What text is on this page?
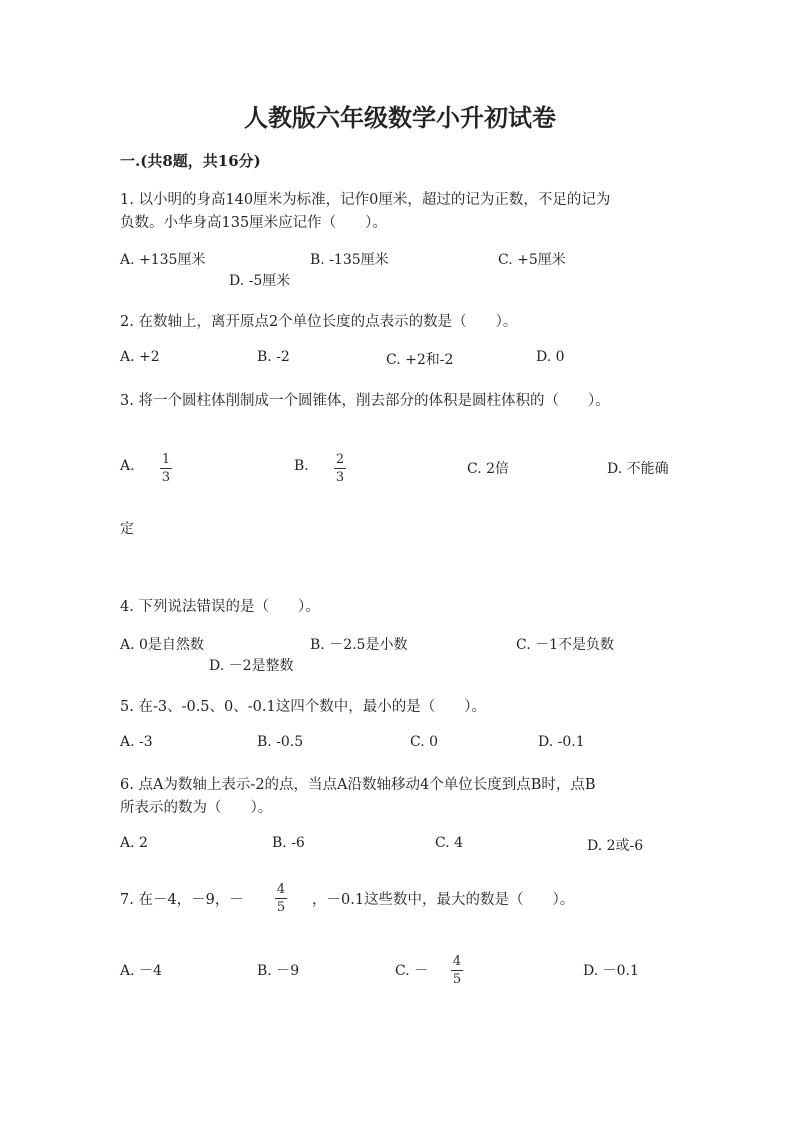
人教版六年级数学小升初试卷
一.(共8题，共16分)
1. 以小明的身高140厘米为标准，记作0厘米，超过的记为正数，不足的记为
负数。小华身高135厘米应记作（　　）。
A. +135厘米	B. -135厘米	C. +5厘米
D. -5厘米
2. 在数轴上，离开原点2个单位长度的点表示的数是（　　）。
A. +2	B. -2	C. +2和-2	D. 0
3. 将一个圆柱体削制成一个圆锥体，削去部分的体积是圆柱体积的（　　）。
A. 1
3
B. 2
3
C. 2倍	D. 不能确
定
4. 下列说法错误的是（　　）。
A. 0是自然数	B. －2.5是小数	C. －1不是负数
D. －2是整数
5. 在-3、-0.5、0、-0.1这四个数中，最小的是（　　）。
A. -3	B. -0.5	C. 0	D. -0.1
6. 点A为数轴上表示-2的点，当点A沿数轴移动4个单位长度到点B时，点B
所表示的数为（　　）。
A. 2	B. -6	C. 4	D. 2或-6
7. 在－4，－9，－
4
5 ，－0.1这些数中，最大的数是（　　）。
A. －4	B. －9	C. －
4
5
D. －0.1
